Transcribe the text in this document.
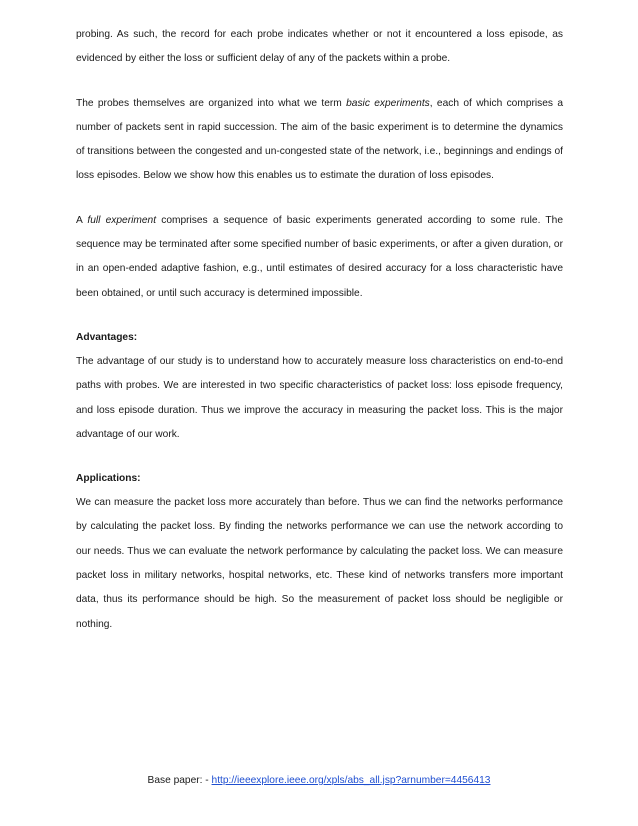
probing. As such, the record for each probe indicates whether or not it encountered a loss episode, as evidenced by either the loss or sufficient delay of any of the packets within a probe.

The probes themselves are organized into what we term basic experiments, each of which comprises a number of packets sent in rapid succession. The aim of the basic experiment is to determine the dynamics of transitions between the congested and un-congested state of the network, i.e., beginnings and endings of loss episodes. Below we show how this enables us to estimate the duration of loss episodes.

A full experiment comprises a sequence of basic experiments generated according to some rule. The sequence may be terminated after some specified number of basic experiments, or after a given duration, or in an open-ended adaptive fashion, e.g., until estimates of desired accuracy for a loss characteristic have been obtained, or until such accuracy is determined impossible.

Advantages:

The advantage of our study is to understand how to accurately measure loss characteristics on end-to-end paths with probes. We are interested in two specific characteristics of packet loss: loss episode frequency, and loss episode duration. Thus we improve the accuracy in measuring the packet loss. This is the major advantage of our work.

Applications:

We can measure the packet loss more accurately than before. Thus we can find the networks performance by calculating the packet loss. By finding the networks performance we can use the network according to our needs. Thus we can evaluate the network performance by calculating the packet loss. We can measure packet loss in military networks, hospital networks, etc. These kind of networks transfers more important data, thus its performance should be high. So the measurement of packet loss should be negligible or nothing.

Base paper: - http://ieeexplore.ieee.org/xpls/abs_all.jsp?arnumber=4456413
